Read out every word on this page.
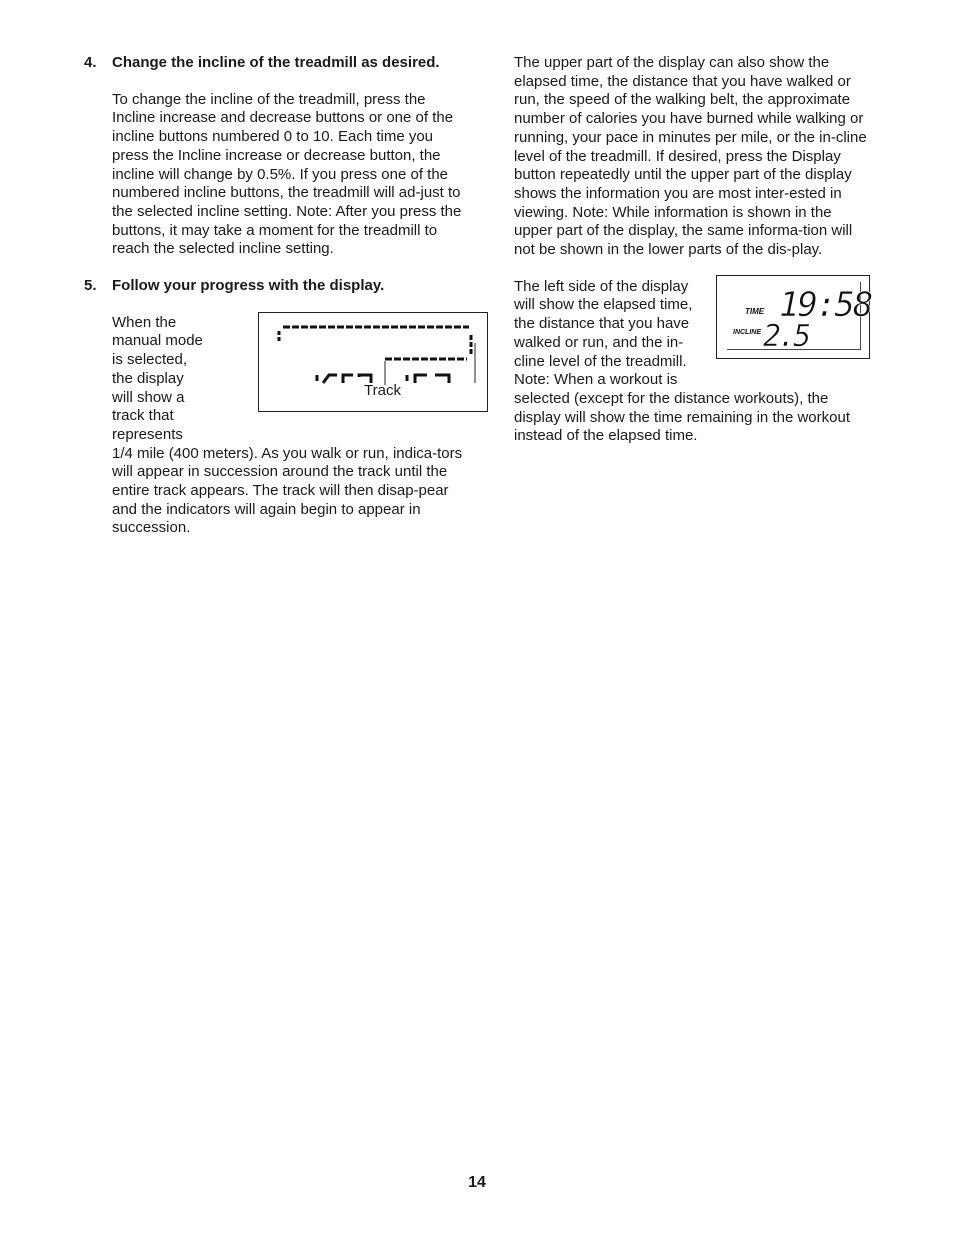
4.	Change the incline of the treadmill as desired.

To change the incline of the treadmill, press the Incline increase and decrease buttons or one of the incline buttons numbered 0 to 10. Each time you press the Incline increase or decrease button, the incline will change by 0.5%. If you press one of the numbered incline buttons, the treadmill will ad-just to the selected incline setting. Note: After you press the buttons, it may take a moment for the treadmill to reach the selected incline setting.

5.	Follow your progress with the display.
When the
manual mode
is selected,
the display
will show a
track that
represents
1/4 mile (400 meters). As you walk or run, indica-tors will appear in succession around the track until the entire track appears. The track will then disap-pear and the indicators will again begin to appear in succession.
Track

The upper part of the display can also show the elapsed time, the distance that you have walked or run, the speed of the walking belt, the approximate number of calories you have burned while walking or running, your pace in minutes per mile, or the in-cline level of the treadmill. If desired, press the Display button repeatedly until the upper part of the display shows the information you are most inter-ested in viewing. Note: While information is shown in the upper part of the display, the same informa-tion will not be shown in the lower parts of the dis-play.

The left side of the display
will show the elapsed time,
the distance that you have
walked or run, and the in-
cline level of the treadmill.
Note: When a workout is
selected (except for the distance workouts), the display will show the time remaining in the workout instead of the elapsed time.
TIME 19:58
INCLINE 2.5
14
